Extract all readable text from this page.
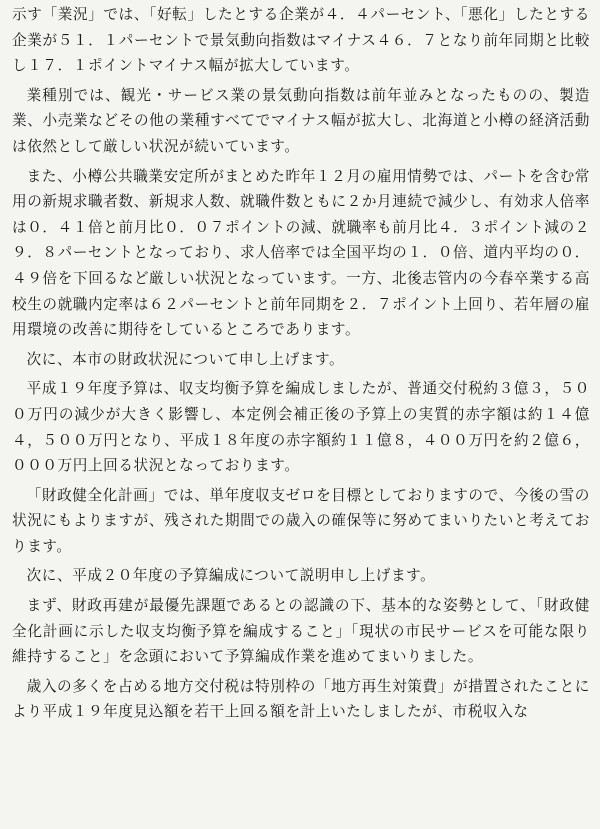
示す「業況」では、「好転」したとする企業が４．４パーセント、「悪化」したとする企業が５１．１パーセントで景気動向指数はマイナス４６．７となり前年同期と比較し１７．１ポイントマイナス幅が拡大しています。

業種別では、観光・サービス業の景気動向指数は前年並みとなったものの、製造業、小売業などその他の業種すべてでマイナス幅が拡大し、北海道と小樽の経済活動は依然として厳しい状況が続いています。

また、小樽公共職業安定所がまとめた昨年１２月の雇用情勢では、パートを含む常用の新規求職者数、新規求人数、就職件数ともに２か月連続で減少し、有効求人倍率は０．４１倍と前月比０．０７ポイントの減、就職率も前月比４．３ポイント減の２９．８パーセントとなっており、求人倍率では全国平均の１．０倍、道内平均の０．４９倍を下回るなど厳しい状況となっています。一方、北後志管内の今春卒業する高校生の就職内定率は６２パーセントと前年同期を２．７ポイント上回り、若年層の雇用環境の改善に期待をしているところであります。

次に、本市の財政状況について申し上げます。

平成１９年度予算は、収支均衡予算を編成しましたが、普通交付税約３億３，５００万円の減少が大きく影響し、本定例会補正後の予算上の実質的赤字額は約１４億４，５００万円となり、平成１８年度の赤字額約１１億８，４００万円を約２億６，０００万円上回る状況となっております。

「財政健全化計画」では、単年度収支ゼロを目標としておりますので、今後の雪の状況にもよりますが、残された期間での歳入の確保等に努めてまいりたいと考えております。

次に、平成２０年度の予算編成について説明申し上げます。

まず、財政再建が最優先課題であるとの認識の下、基本的な姿勢として、「財政健全化計画に示した収支均衡予算を編成すること」「現状の市民サービスを可能な限り維持すること」を念頭において予算編成作業を進めてまいりました。

歳入の多くを占める地方交付税は特別枠の「地方再生対策費」が措置されたことにより平成１９年度見込額を若干上回る額を計上いたしましたが、市税収入な
